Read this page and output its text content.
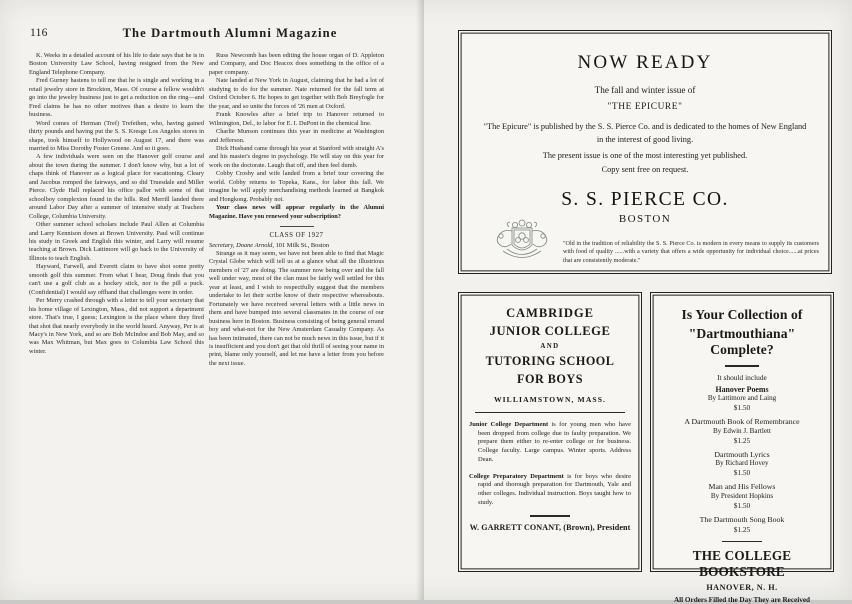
116	The Dartmouth Alumni Magazine

K. Weeks in a detailed account of his life to date says that he is in Boston University Law School, having resigned from the New England Telephone Company.

Fred Gurney hastens to tell me that he is single and working in a retail jewelry store in Brockton, Mass. Of course a fellow wouldn't go into the jewelry business just to get a reduction on the ring—and Fred claims he has no other motives than a desire to learn the business.

Word comes of Herman (Tref) Trefethen, who, having gained thirty pounds and having put the S. S. Kresge Los Angeles stores in shape, took himself to Hollywood on August 17, and there was married to Miss Dorothy Foster Greene. And so it goes.

A few individuals were seen on the Hanover golf course and about the town during the summer. I don't know why, but a lot of chaps think of Hanover as a logical place for vacationing. Cleary and Jacobus romped the fairways, and so did Truesdale and Miller Pierce. Clyde Hall replaced his office pallor with some of that schoolboy complexion found in the hills. Red Merrill landed there around Labor Day after a summer of intensive study at Teachers College, Columbia University.

Other summer school scholars include Paul Allen at Columbia and Larry Kennison down at Brown University. Paul will continue his study in Greek and English this winter, and Larry will resume teaching at Brown. Dick Lattimore will go back to the University of Illinois to teach English.

Hayward, Farwell, and Everett claim to have shot some pretty smooth golf this summer. From what I hear, Doug finds that you can't use a golf club as a hockey stick, nor is the pill a puck. (Confidential) I would say offhand that challenges were in order.

Per Merry crashed through with a letter to tell your secretary that his home village of Lexington, Mass., did not support a department store. That's true, I guess; Lexington is the place where they fired that shot that nearly everybody in the world heard. Anyway, Per is at Macy's in New York, and so are Bob McIndoe and Bob May, and so was Max Whitman, but Max goes to Columbia Law School this winter.

Russ Newcomb has been editing the house organ of D. Appleton and Company, and Doc Heacox does something in the office of a paper company.

Nate landed at New York in August, claiming that he had a lot of studying to do for the summer. Nate returned for the fall term at Oxford October 6. He hopes to get together with Bob Breyfogle for the year, and so unite the forces of '26 men at Oxford.

Frank Knowles after a brief trip to Hanover returned to Wilmington, Del., to labor for E. I. DuPont in the chemical line.

Charlie Munson continues this year in medicine at Washington and Jefferson.

Dick Husband came through his year at Stanford with straight A's and his master's degree in psychology. He will stay on this year for work on the doctorate. Laugh that off, and then feel dumb.

Cobby Crosby and wife landed from a brief tour covering the world. Cobby returns to Topeka, Kans., for labor this fall. We imagine he will apply merchandising methods learned at Bangkok and Hongkong. Probably not.

Your class news will appear regularly in the Alumni Magazine. Have you renewed your subscription?

CLASS OF 1927
Secretary, Doane Arnold, 101 Milk St., Boston

Strange as it may seem, we have not been able to find that Magic Crystal Globe which will tell us at a glance what all the illustrious members of '27 are doing. The summer now being over and the fall well under way, most of the clan must be fairly well settled for this year at least, and I wish to respectfully suggest that the members undertake to let their scribe know of their respective whereabouts. Fortunately we have received several letters with a little news in them and have bumped into several classmates in the course of our business here in Boston. Business consisting of being general errand boy and what-not for the New Amsterdam Casualty Company. As has been intimated, there can not be much news in this issue, but if it is insufficient and you don't get that old thrill of seeing your name in print, blame only yourself, and let me have a letter from you before the next issue.

NOW READY
The fall and winter issue of
"THE EPICURE"
"The Epicure" is published by the S. S. Pierce Co. and is dedicated to the homes of New England in the interest of good living.
The present issue is one of the most interesting yet published.
Copy sent free on request.
S. S. PIERCE CO.
BOSTON
"Old in the tradition of reliability the S. S. Pierce Co. is modern in every means to supply its customers with food of quality ......with a variety that offers a wide opportunity for individual choice......at prices that are consistently moderate."
CAMBRIDGE
JUNIOR COLLEGE
AND
TUTORING SCHOOL
FOR BOYS
WILLIAMSTOWN, MASS.

Junior College Department is for young men who have been dropped from college due to faulty preparation. We prepare them either to re-enter college or for business. College faculty. Large campus. Winter sports. Address Dean.

College Preparatory Department is for boys who desire rapid and thorough preparation for Dartmouth, Yale and other colleges. Individual instruction. Boys taught how to study.

W. GARRETT CONANT, (Brown), President
Is Your Collection of
"Dartmouthiana" Complete?
It should include
Hanover Poems
By Lattimore and Laing
$1.50
A Dartmouth Book of Remembrance
By Edwin J. Bartlett
$1.25
Dartmouth Lyrics
By Richard Hovey
$1.50
Man and His Fellows
By President Hopkins
$1.50
The Dartmouth Song Book
$1.25
THE COLLEGE BOOKSTORE
HANOVER, N. H.
All Orders Filled the Day They are Received
